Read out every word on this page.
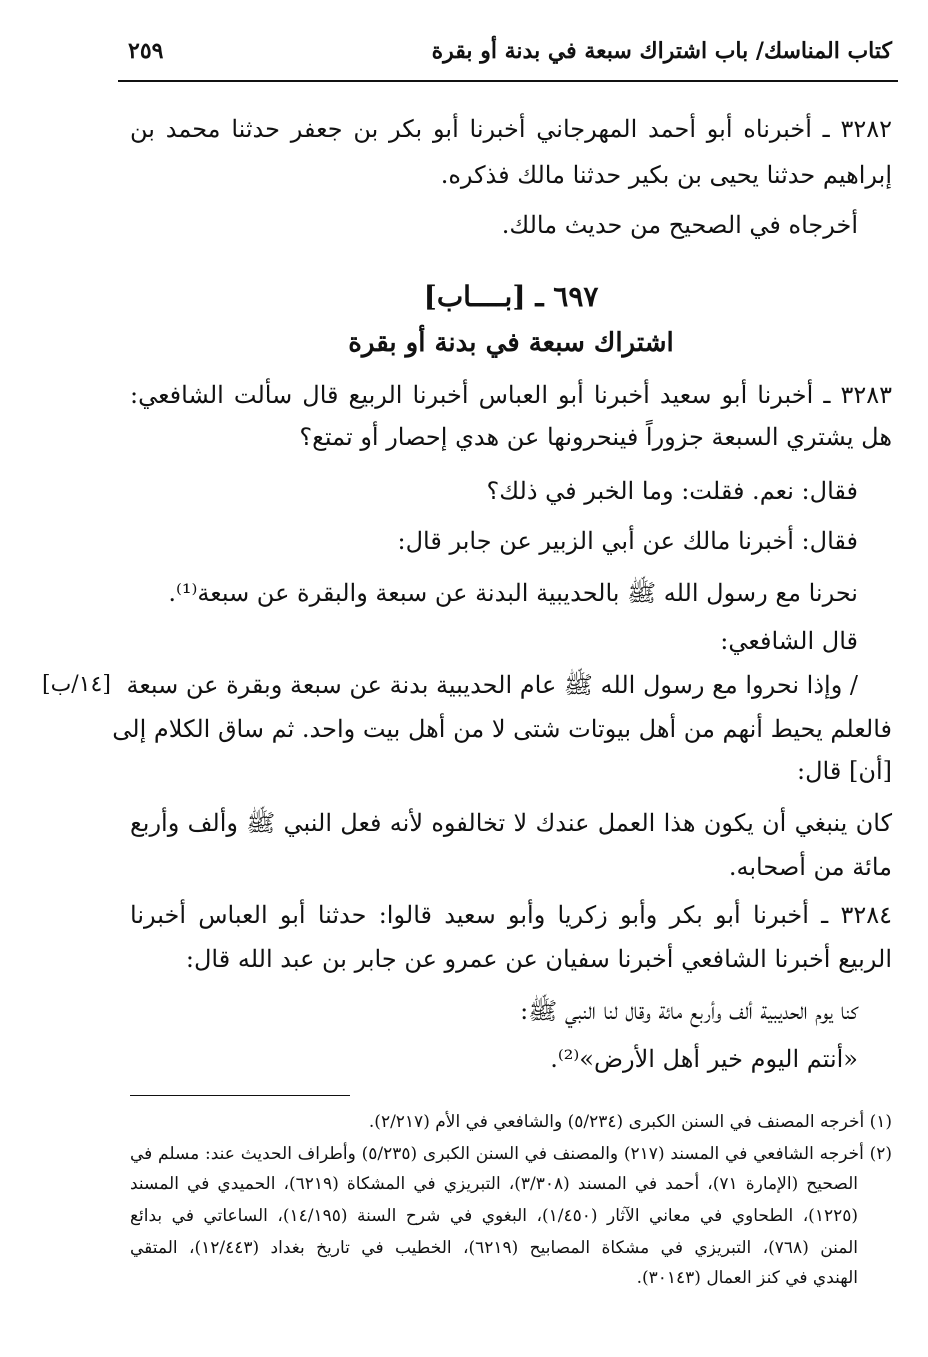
كتاب المناسك/ باب اشتراك سبعة في بدنة أو بقرة
٢٥٩
٣٢٨٢ ـ أخبرناه أبو أحمد المهرجاني أخبرنا أبو بكر بن جعفر حدثنا محمد بن
إبراهيم حدثنا يحيى بن بكير حدثنا مالك فذكره.
أخرجاه في الصحيح من حديث مالك.
٦٩٧ ـ [بــــاب]
اشتراك سبعة في بدنة أو بقرة
٣٢٨٣ ـ أخبرنا أبو سعيد أخبرنا أبو العباس أخبرنا الربيع قال سألت الشافعي:
هل يشتري السبعة جزوراً فينحرونها عن هدي إحصار أو تمتع؟
فقال: نعم. فقلت: وما الخبر في ذلك؟
فقال: أخبرنا مالك عن أبي الزبير عن جابر قال:
نحرنا مع رسول الله ﷺ بالحديبية البدنة عن سبعة والبقرة عن سبعة⁽¹⁾.
قال الشافعي:
/ وإذا نحروا مع رسول الله ﷺ عام الحديبية بدنة عن سبعة وبقرة عن سبعة
[١٤/ب]
فالعلم يحيط أنهم من أهل بيوتات شتى لا من أهل بيت واحد. ثم ساق الكلام إلى
[أن] قال:
كان ينبغي أن يكون هذا العمل عندك لا تخالفوه لأنه فعل النبي ﷺ وألف وأربع
مائة من أصحابه.
٣٢٨٤ ـ أخبرنا أبو بكر وأبو زكريا وأبو سعيد قالوا: حدثنا أبو العباس أخبرنا
الربيع أخبرنا الشافعي أخبرنا سفيان عن عمرو عن جابر بن عبد الله قال:
كنا يوم الحديبية ألف وأربع مائة وقال لنا النبي ﷺ:
«أنتم اليوم خير أهل الأرض»⁽²⁾.
(١) أخرجه المصنف في السنن الكبرى (٥/٢٣٤) والشافعي في الأم (٢/٢١٧).
(٢) أخرجه الشافعي في المسند (٢١٧) والمصنف في السنن الكبرى (٥/٢٣٥) وأطراف الحديث عند: مسلم في
الصحيح (الإمارة ٧١)، أحمد في المسند (٣/٣٠٨)، التبريزي في المشكاة (٦٢١٩)، الحميدي في المسند
(١٢٢٥)، الطحاوي في معاني الآثار (١/٤٥٠)، البغوي في شرح السنة (١٤/١٩٥)، الساعاتي في بدائع
المنن (٧٦٨)، التبريزي في مشكاة المصابيح (٦٢١٩)، الخطيب في تاريخ بغداد (١٢/٤٤٣)، المتقي
الهندي في كنز العمال (٣٠١٤٣).
